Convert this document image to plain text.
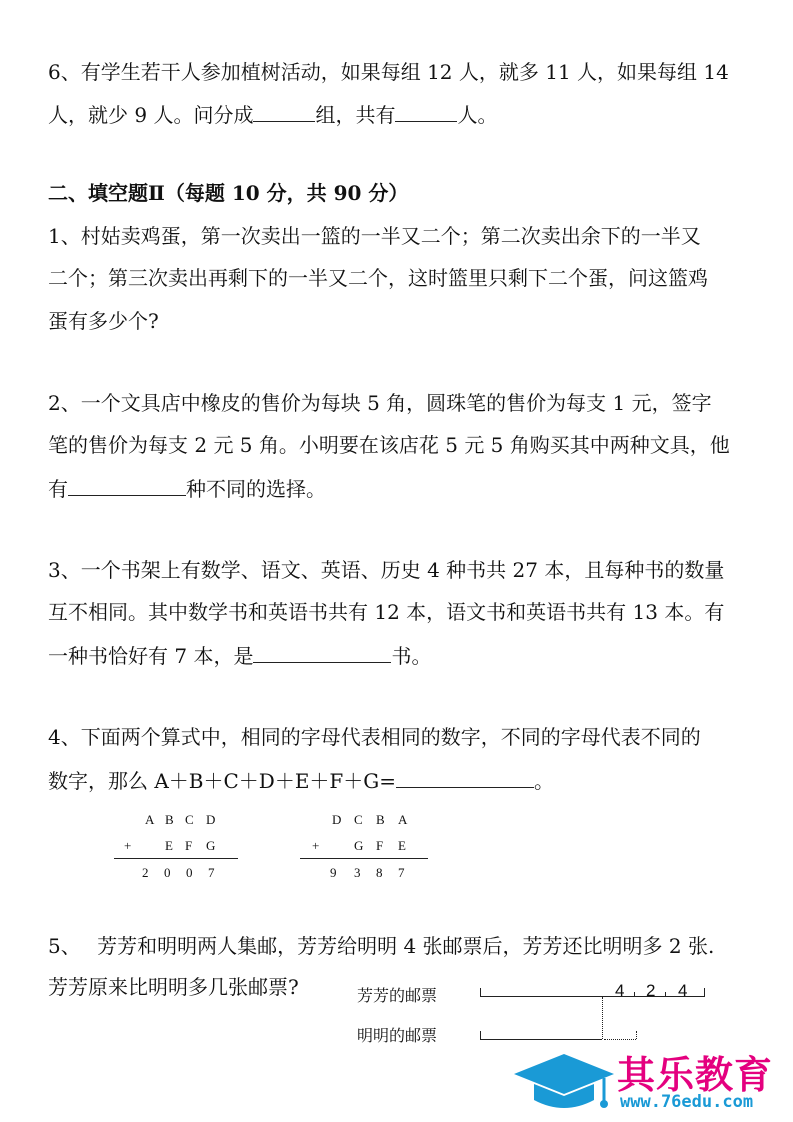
6、有学生若干人参加植树活动，如果每组 12 人，就多 11 人，如果每组 14
人，就少 9 人。问分成	组，共有	人。
二、填空题Ⅱ（每题 10 分，共 90 分）
1、村姑卖鸡蛋，第一次卖出一篮的一半又二个；第二次卖出余下的一半又
二个；第三次卖出再剩下的一半又二个，这时篮里只剩下二个蛋，问这篮鸡
蛋有多少个?
2、一个文具店中橡皮的售价为每块 5 角，圆珠笔的售价为每支 1 元，签字
笔的售价为每支 2 元 5 角。小明要在该店花 5 元 5 角购买其中两种文具，他
有	种不同的选择。
3、一个书架上有数学、语文、英语、历史 4 种书共 27 本，且每种书的数量
互不相同。其中数学书和英语书共有 12 本，语文书和英语书共有 13 本。有
一种书恰好有 7 本，是	书。
4、下面两个算式中，相同的字母代表相同的数字，不同的字母代表不同的
数字，那么 A＋B＋C＋D＋E＋F＋G=	。
A B C D
+	E F G
2 0 0 7
D C B A
+	G F E
9 3 8 7
5、　 芳芳和明明两人集邮，芳芳给明明 4 张邮票后，芳芳还比明明多 2 张.
芳芳原来比明明多几张邮票?	芳芳的邮票
明明的邮票
4 2 4
其乐教育
www.76edu.com
